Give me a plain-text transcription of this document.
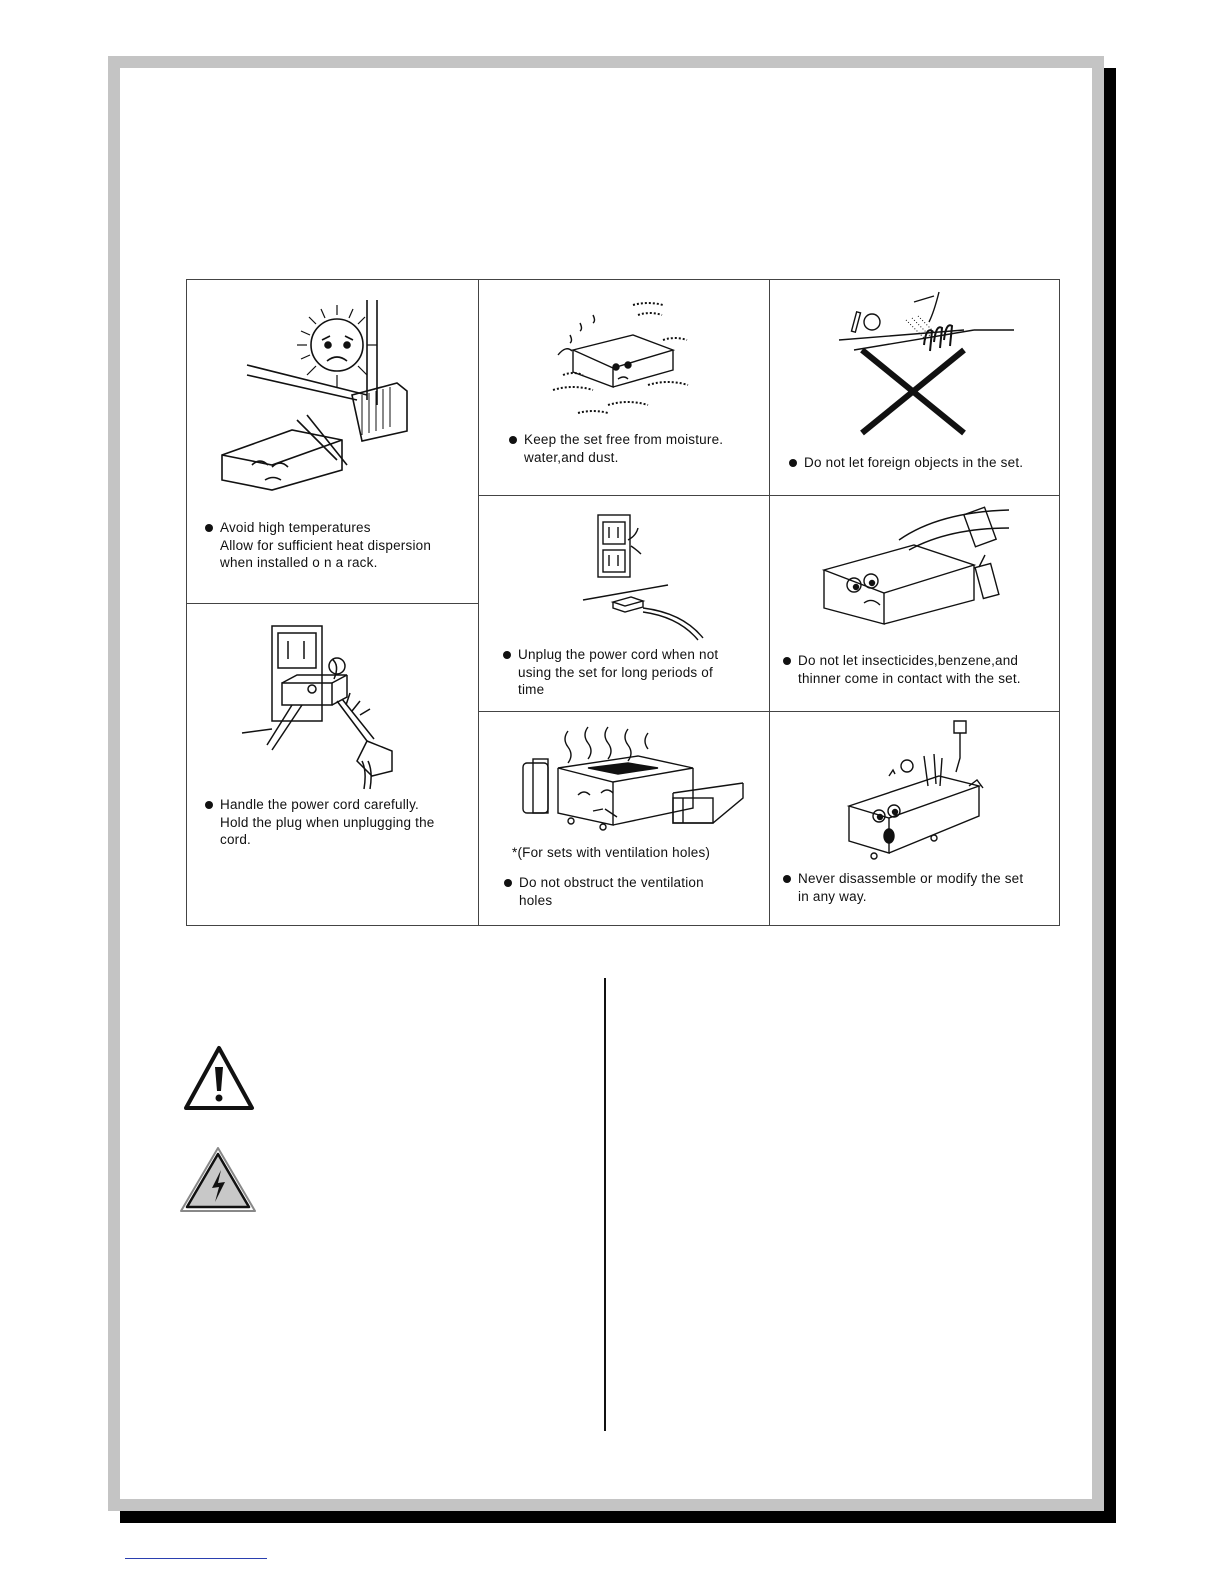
Avoid high temperatures
Allow for sufficient heat dispersion
when installed o n a rack.
Keep the set free from moisture.
water,and dust.	Do not let foreign objects in the set.
Unplug the power cord when not
using the set for long periods of
time
Do not let insecticides,benzene,and
thinner come in contact with the set.
Handle the power cord carefully.
Hold the plug when unplugging the
cord.
*(For sets with ventilation holes)
Do not obstruct the ventilation
holes
Never disassemble or modify the set
in any way.
